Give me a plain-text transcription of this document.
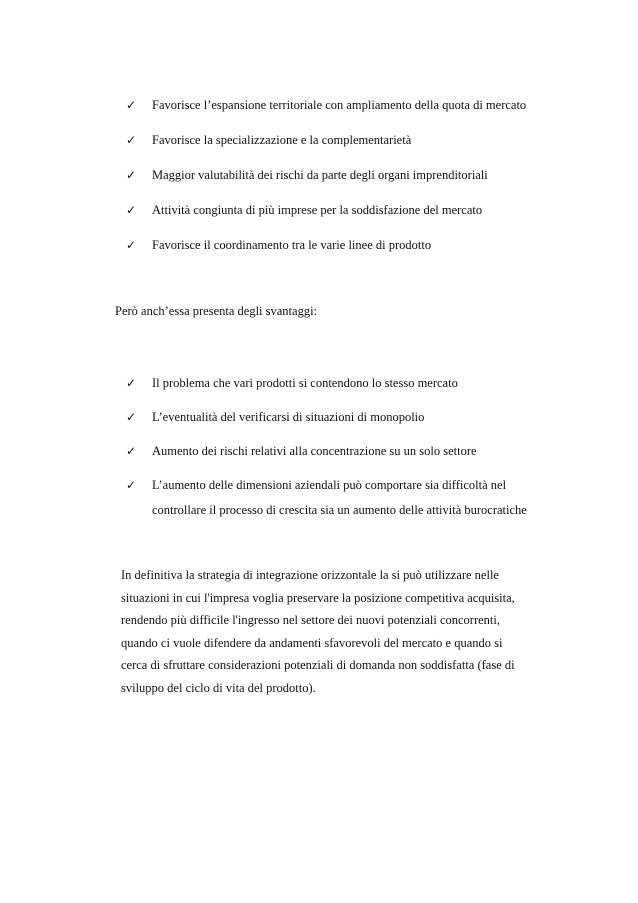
✓	Favorisce l’espansione territoriale con ampliamento della quota di mercato
✓	Favorisce la specializzazione e la complementarietà
✓	Maggior valutabilità dei rischi da parte degli organi imprenditoriali
✓	Attività congiunta di più imprese per la soddisfazione del mercato
✓	Favorisce il coordinamento tra le varie linee di prodotto

Però anch’essa presenta degli svantaggi:

✓	Il problema che vari prodotti si contendono lo stesso mercato
✓	L’eventualità del verificarsi di situazioni di monopolio
✓	Aumento dei rischi relativi alla concentrazione su un solo settore
✓	L’aumento delle dimensioni aziendali può comportare sia difficoltà nel
controllare il processo di crescita sia un aumento delle attività burocratiche

In definitiva la strategia di integrazione orizzontale la si può utilizzare nelle
situazioni in cui l'impresa voglia preservare la posizione competitiva acquisita,
rendendo più difficile l'ingresso nel settore dei nuovi potenziali concorrenti,
quando ci vuole difendere da andamenti sfavorevoli del mercato e quando si
cerca di sfruttare considerazioni potenziali di domanda non soddisfatta (fase di
sviluppo del ciclo di vita del prodotto).
